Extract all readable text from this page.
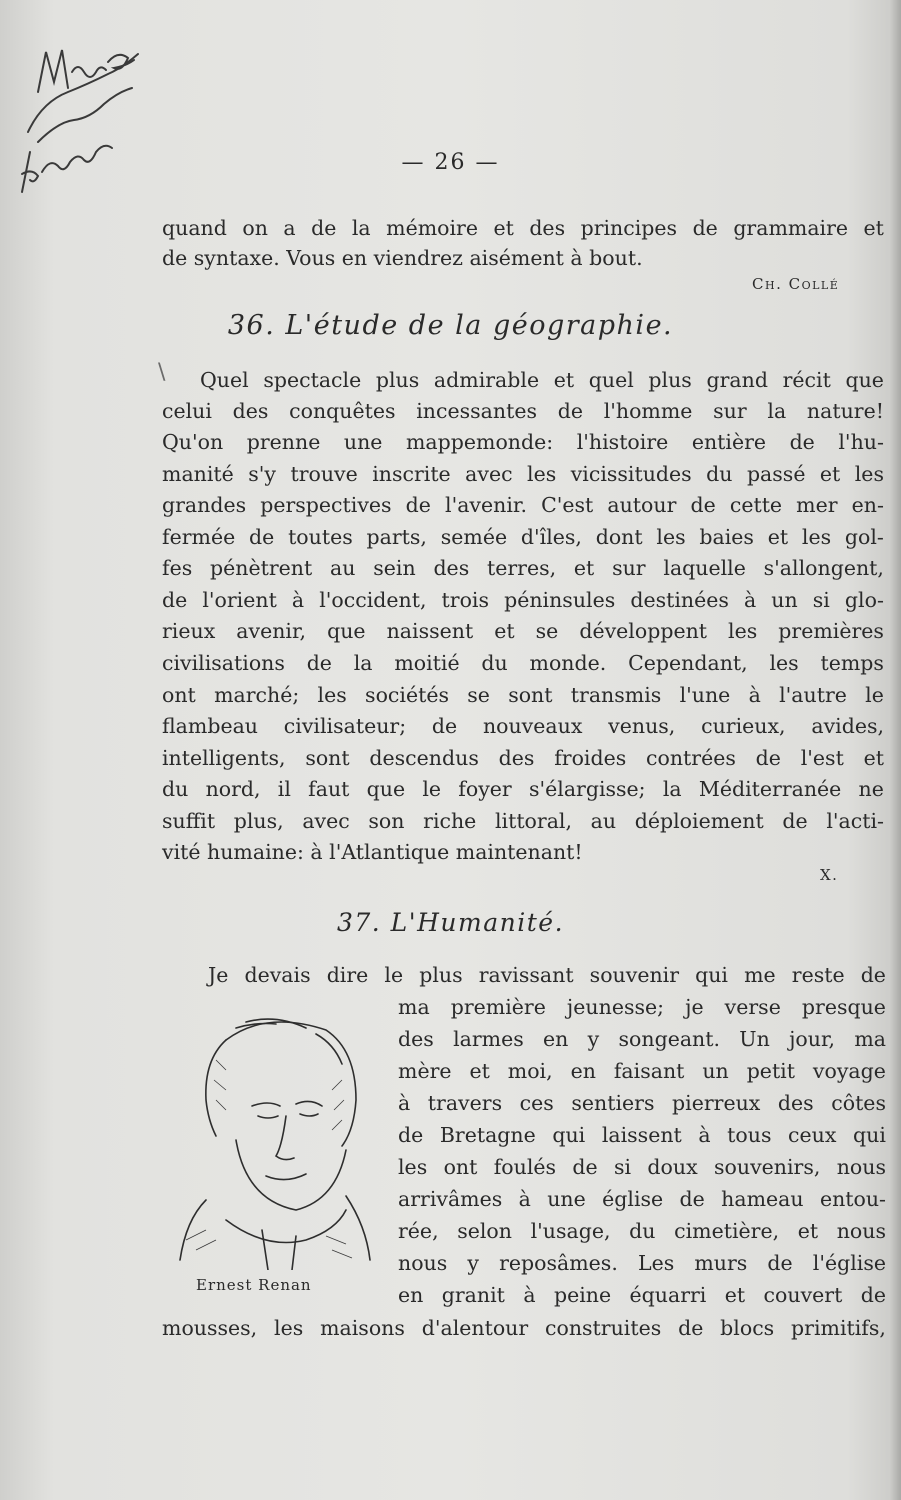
— 26 —
quand on a de la mémoire et des principes de grammaire et
de syntaxe. Vous en viendrez aisément à bout.
Ch. Collé
36. L'étude de la géographie.
\ Quel spectacle plus admirable et quel plus grand récit que
celui des conquêtes incessantes de l'homme sur la nature!
Qu'on prenne une mappemonde: l'histoire entière de l'hu-
manité s'y trouve inscrite avec les vicissitudes du passé et les
grandes perspectives de l'avenir. C'est autour de cette mer en-
fermée de toutes parts, semée d'îles, dont les baies et les gol-
fes pénètrent au sein des terres, et sur laquelle s'allongent,
de l'orient à l'occident, trois péninsules destinées à un si glo-
rieux avenir, que naissent et se développent les premières
civilisations de la moitié du monde. Cependant, les temps
ont marché; les sociétés se sont transmis l'une à l'autre le
flambeau civilisateur; de nouveaux venus, curieux, avides,
intelligents, sont descendus des froides contrées de l'est et
du nord, il faut que le foyer s'élargisse; la Méditerranée ne
suffit plus, avec son riche littoral, au déploiement de l'acti-
vité humaine: à l'Atlantique maintenant!
X.
37. L'Humanité.
Je devais dire le plus ravissant souvenir qui me reste de
Ernest Renan
ma première jeunesse; je verse presque
des larmes en y songeant. Un jour, ma
mère et moi, en faisant un petit voyage
à travers ces sentiers pierreux des côtes
de Bretagne qui laissent à tous ceux qui
les ont foulés de si doux souvenirs, nous
arrivâmes à une église de hameau entou-
rée, selon l'usage, du cimetière, et nous
nous y reposâmes. Les murs de l'église
en granit à peine équarri et couvert de
mousses, les maisons d'alentour construites de blocs primitifs,
